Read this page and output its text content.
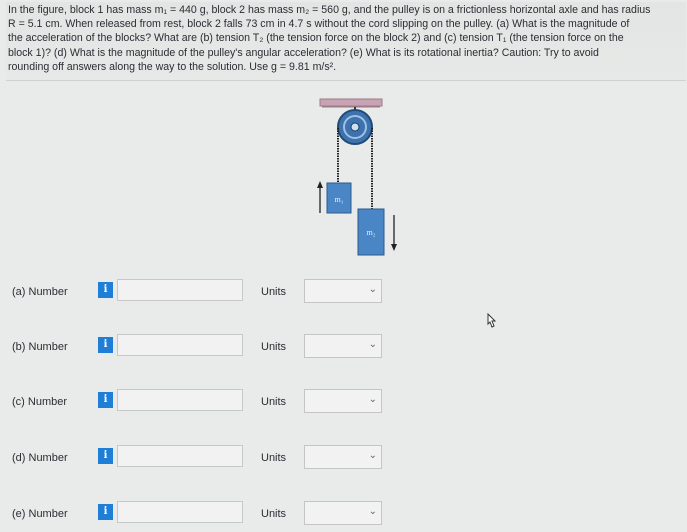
In the figure, block 1 has mass m₁ = 440 g, block 2 has mass m₂ = 560 g, and the pulley is on a frictionless horizontal axle and has radius

R = 5.1 cm. When released from rest, block 2 falls 73 cm in 4.7 s without the cord slipping on the pulley. (a) What is the magnitude of

the acceleration of the blocks? What are (b) tension T₂ (the tension force on the block 2) and (c) tension T₁ (the tension force on the

block 1)? (d) What is the magnitude of the pulley's angular acceleration? (e) What is its rotational inertia? Caution: Try to avoid

rounding off answers along the way to the solution. Use g = 9.81 m/s².

m₁
m₂
(a) Number	i	Units	⌄
(b) Number	i	Units	⌄
(c) Number	i	Units	⌄
(d) Number	i	Units	⌄
(e) Number	i	Units	⌄
